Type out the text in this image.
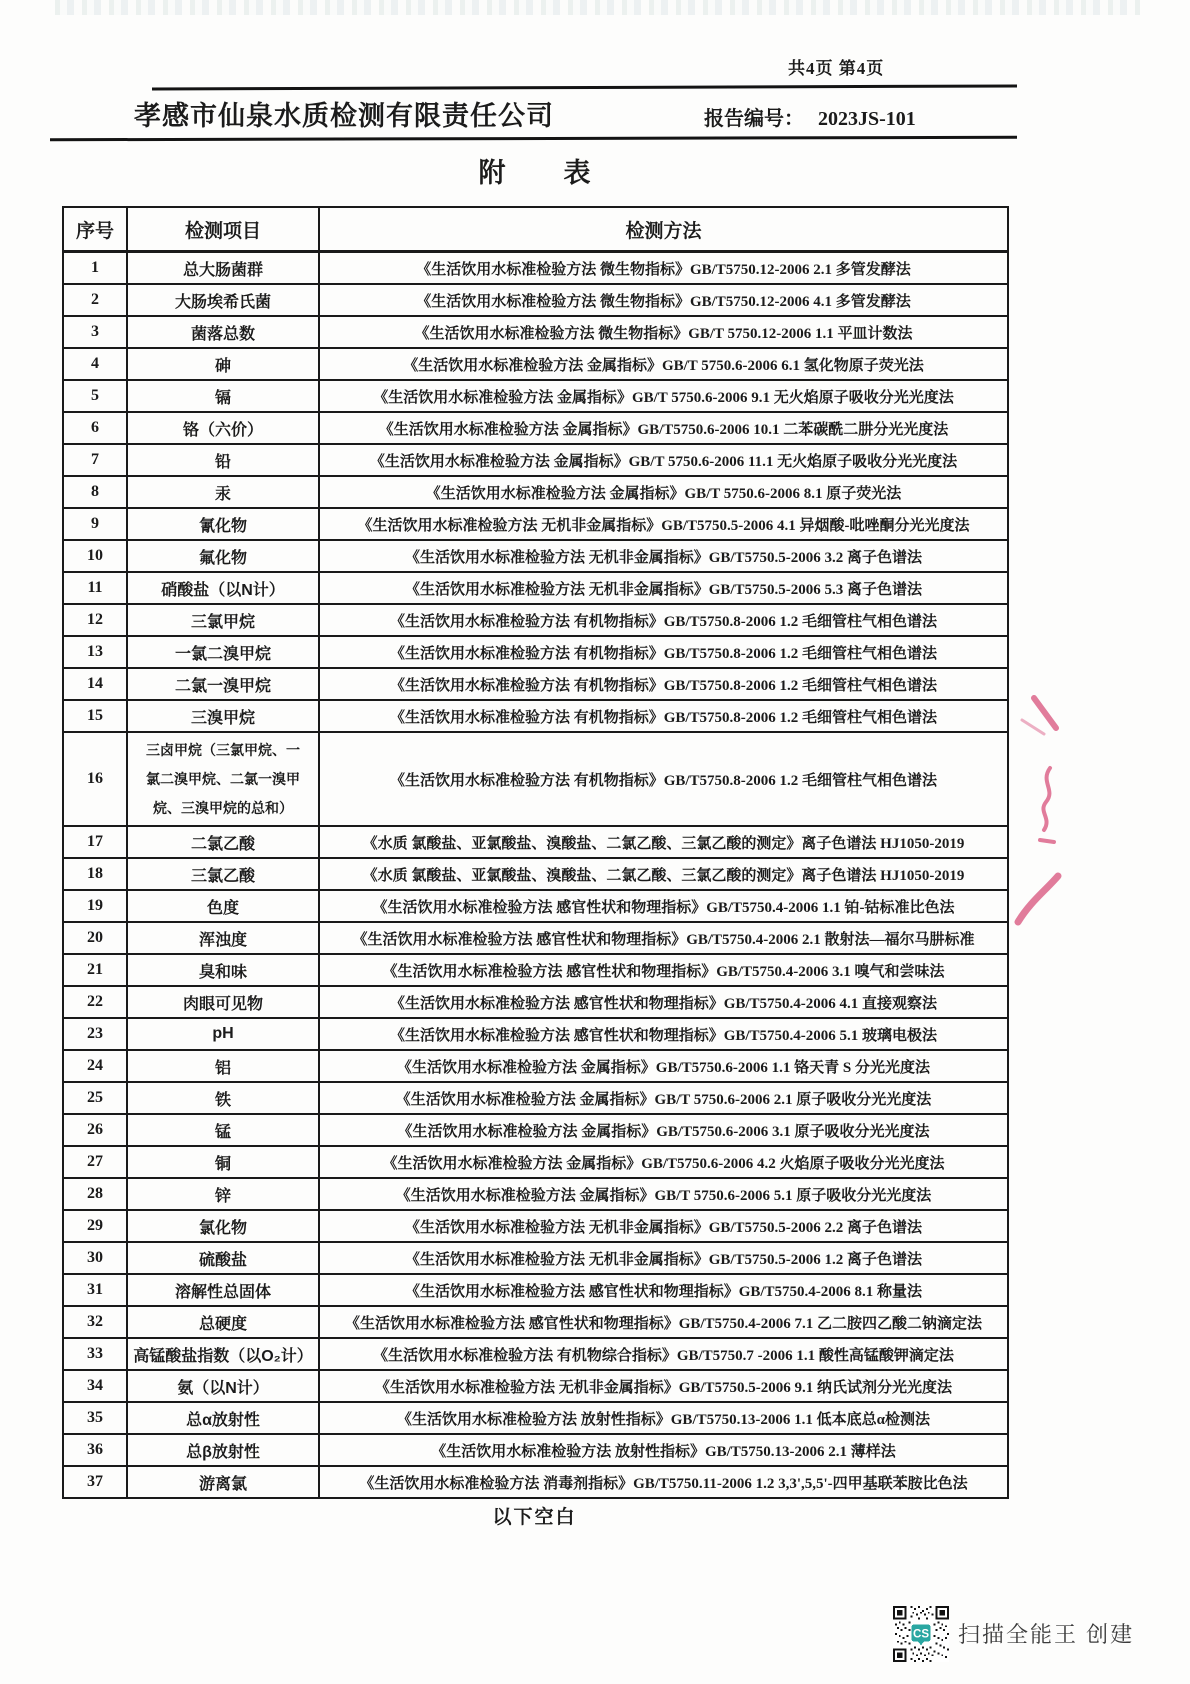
共4页 第4页
孝感市仙泉水质检测有限责任公司	报告编号： 2023JS-101
附 表
序号	检测项目	检测方法
1	总大肠菌群	《生活饮用水标准检验方法 微生物指标》GB/T5750.12-2006 2.1 多管发酵法
2	大肠埃希氏菌	《生活饮用水标准检验方法 微生物指标》GB/T5750.12-2006 4.1 多管发酵法
3	菌落总数	《生活饮用水标准检验方法 微生物指标》GB/T 5750.12-2006 1.1 平皿计数法
4	砷	《生活饮用水标准检验方法 金属指标》GB/T 5750.6-2006 6.1 氢化物原子荧光法
5	镉	《生活饮用水标准检验方法 金属指标》GB/T 5750.6-2006 9.1 无火焰原子吸收分光光度法
6	铬（六价）	《生活饮用水标准检验方法 金属指标》GB/T5750.6-2006 10.1 二苯碳酰二肼分光光度法
7	铅	《生活饮用水标准检验方法 金属指标》GB/T 5750.6-2006 11.1 无火焰原子吸收分光光度法
8	汞	《生活饮用水标准检验方法 金属指标》GB/T 5750.6-2006 8.1 原子荧光法
9	氰化物	《生活饮用水标准检验方法 无机非金属指标》GB/T5750.5-2006 4.1 异烟酸-吡唑酮分光光度法
10	氟化物	《生活饮用水标准检验方法 无机非金属指标》GB/T5750.5-2006 3.2 离子色谱法
11	硝酸盐（以N计）	《生活饮用水标准检验方法 无机非金属指标》GB/T5750.5-2006 5.3 离子色谱法
12	三氯甲烷	《生活饮用水标准检验方法 有机物指标》GB/T5750.8-2006 1.2 毛细管柱气相色谱法
13	一氯二溴甲烷	《生活饮用水标准检验方法 有机物指标》GB/T5750.8-2006 1.2 毛细管柱气相色谱法
14	二氯一溴甲烷	《生活饮用水标准检验方法 有机物指标》GB/T5750.8-2006 1.2 毛细管柱气相色谱法
15	三溴甲烷	《生活饮用水标准检验方法 有机物指标》GB/T5750.8-2006 1.2 毛细管柱气相色谱法
16	三卤甲烷（三氯甲烷、一氯二溴甲烷、二氯一溴甲烷、三溴甲烷的总和）	《生活饮用水标准检验方法 有机物指标》GB/T5750.8-2006 1.2 毛细管柱气相色谱法
17	二氯乙酸	《水质 氯酸盐、亚氯酸盐、溴酸盐、二氯乙酸、三氯乙酸的测定》离子色谱法 HJ1050-2019
18	三氯乙酸	《水质 氯酸盐、亚氯酸盐、溴酸盐、二氯乙酸、三氯乙酸的测定》离子色谱法 HJ1050-2019
19	色度	《生活饮用水标准检验方法 感官性状和物理指标》GB/T5750.4-2006 1.1 铂-钴标准比色法
20	浑浊度	《生活饮用水标准检验方法 感官性状和物理指标》GB/T5750.4-2006 2.1 散射法—福尔马肼标准
21	臭和味	《生活饮用水标准检验方法 感官性状和物理指标》GB/T5750.4-2006 3.1 嗅气和尝味法
22	肉眼可见物	《生活饮用水标准检验方法 感官性状和物理指标》GB/T5750.4-2006 4.1 直接观察法
23	pH	《生活饮用水标准检验方法 感官性状和物理指标》GB/T5750.4-2006 5.1 玻璃电极法
24	铝	《生活饮用水标准检验方法 金属指标》GB/T5750.6-2006 1.1 铬天青 S 分光光度法
25	铁	《生活饮用水标准检验方法 金属指标》GB/T 5750.6-2006 2.1 原子吸收分光光度法
26	锰	《生活饮用水标准检验方法 金属指标》GB/T5750.6-2006 3.1 原子吸收分光光度法
27	铜	《生活饮用水标准检验方法 金属指标》GB/T5750.6-2006 4.2 火焰原子吸收分光光度法
28	锌	《生活饮用水标准检验方法 金属指标》GB/T 5750.6-2006 5.1 原子吸收分光光度法
29	氯化物	《生活饮用水标准检验方法 无机非金属指标》GB/T5750.5-2006 2.2 离子色谱法
30	硫酸盐	《生活饮用水标准检验方法 无机非金属指标》GB/T5750.5-2006 1.2 离子色谱法
31	溶解性总固体	《生活饮用水标准检验方法 感官性状和物理指标》GB/T5750.4-2006 8.1 称量法
32	总硬度	《生活饮用水标准检验方法 感官性状和物理指标》GB/T5750.4-2006 7.1 乙二胺四乙酸二钠滴定法
33	高锰酸盐指数（以O₂计）	《生活饮用水标准检验方法 有机物综合指标》GB/T5750.7 -2006 1.1 酸性高锰酸钾滴定法
34	氨（以N计）	《生活饮用水标准检验方法 无机非金属指标》GB/T5750.5-2006 9.1 纳氏试剂分光光度法
35	总α放射性	《生活饮用水标准检验方法 放射性指标》GB/T5750.13-2006 1.1 低本底总α检测法
36	总β放射性	《生活饮用水标准检验方法 放射性指标》GB/T5750.13-2006 2.1 薄样法
37	游离氯	《生活饮用水标准检验方法 消毒剂指标》GB/T5750.11-2006 1.2 3,3',5,5'-四甲基联苯胺比色法
以下空白
CS 扫描全能王 创建
